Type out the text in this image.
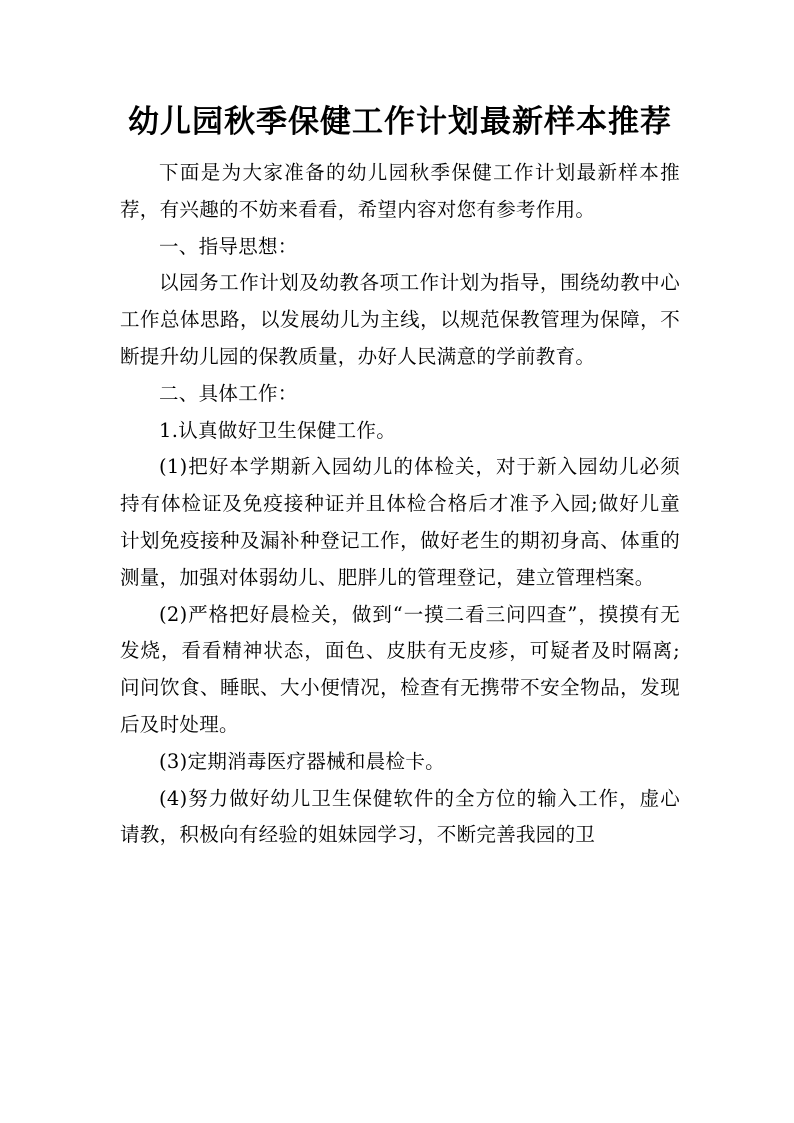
幼儿园秋季保健工作计划最新样本推荐

下面是为大家准备的幼儿园秋季保健工作计划最新样本推荐，有兴趣的不妨来看看，希望内容对您有参考作用。

一、指导思想：

以园务工作计划及幼教各项工作计划为指导，围绕幼教中心工作总体思路，以发展幼儿为主线，以规范保教管理为保障，不断提升幼儿园的保教质量，办好人民满意的学前教育。

二、具体工作：

1.认真做好卫生保健工作。

(1)把好本学期新入园幼儿的体检关，对于新入园幼儿必须持有体检证及免疫接种证并且体检合格后才准予入园;做好儿童计划免疫接种及漏补种登记工作，做好老生的期初身高、体重的测量，加强对体弱幼儿、肥胖儿的管理登记，建立管理档案。

(2)严格把好晨检关，做到“一摸二看三问四查”，摸摸有无发烧，看看精神状态，面色、皮肤有无皮疹，可疑者及时隔离;问问饮食、睡眠、大小便情况，检查有无携带不安全物品，发现后及时处理。

(3)定期消毒医疗器械和晨检卡。

(4)努力做好幼儿卫生保健软件的全方位的输入工作，虚心请教，积极向有经验的姐妹园学习，不断完善我园的卫
